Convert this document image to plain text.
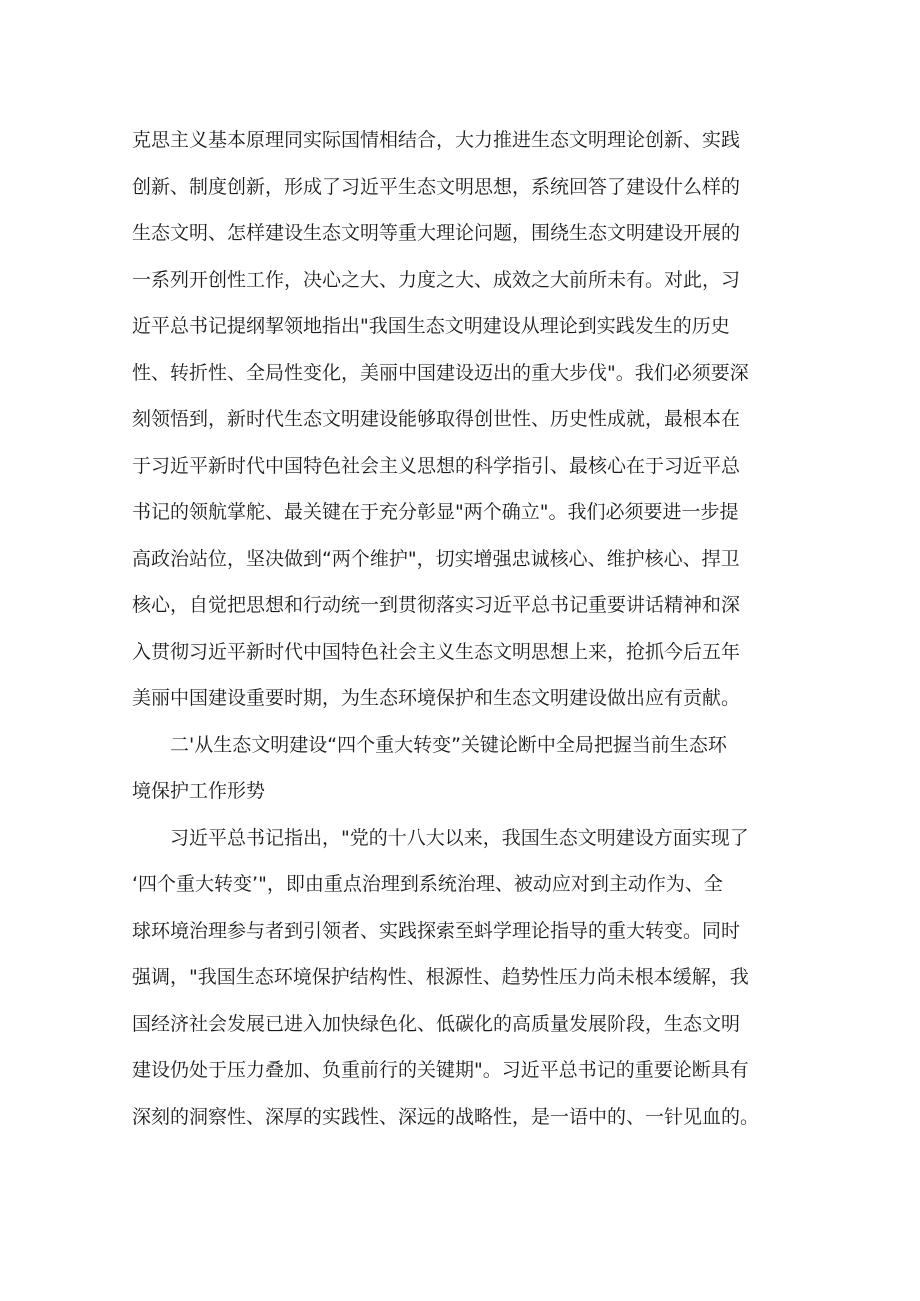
克思主义基本原理同实际国情相结合，大力推进生态文明理论创新、实践
创新、制度创新，形成了习近平生态文明思想，系统回答了建设什么样的
生态文明、怎样建设生态文明等重大理论问题，围绕生态文明建设开展的
一系列开创性工作，决心之大、力度之大、成效之大前所未有。对此，习
近平总书记提纲挈领地指出"我国生态文明建设从理论到实践发生的历史
性、转折性、全局性变化，美丽中国建设迈出的重大步伐"。我们必须要深
刻领悟到，新时代生态文明建设能够取得创世性、历史性成就，最根本在
于习近平新时代中国特色社会主义思想的科学指引、最核心在于习近平总
书记的领航掌舵、最关键在于充分彰显"两个确立"。我们必须要进一步提
高政治站位，坚决做到“两个维护"，切实增强忠诚核心、维护核心、捍卫
核心，自觉把思想和行动统一到贯彻落实习近平总书记重要讲话精神和深
入贯彻习近平新时代中国特色社会主义生态文明思想上来，抢抓今后五年
美丽中国建设重要时期，为生态环境保护和生态文明建设做出应有贡献。
　　二'从生态文明建设“四个重大转变”关键论断中全局把握当前生态环
境保护工作形势
　　习近平总书记指出，"党的十八大以来，我国生态文明建设方面实现了
‘四个重大转变’"，即由重点治理到系统治理、被动应对到主动作为、全
球环境治理参与者到引领者、实践探索至蚪学理论指导的重大转变。同时
强调，"我国生态环境保护结构性、根源性、趋势性压力尚未根本缓解，我
国经济社会发展已进入加快绿色化、低碳化的高质量发展阶段，生态文明
建设仍处于压力叠加、负重前行的关键期"。习近平总书记的重要论断具有
深刻的洞察性、深厚的实践性、深远的战略性，是一语中的、一针见血的。
